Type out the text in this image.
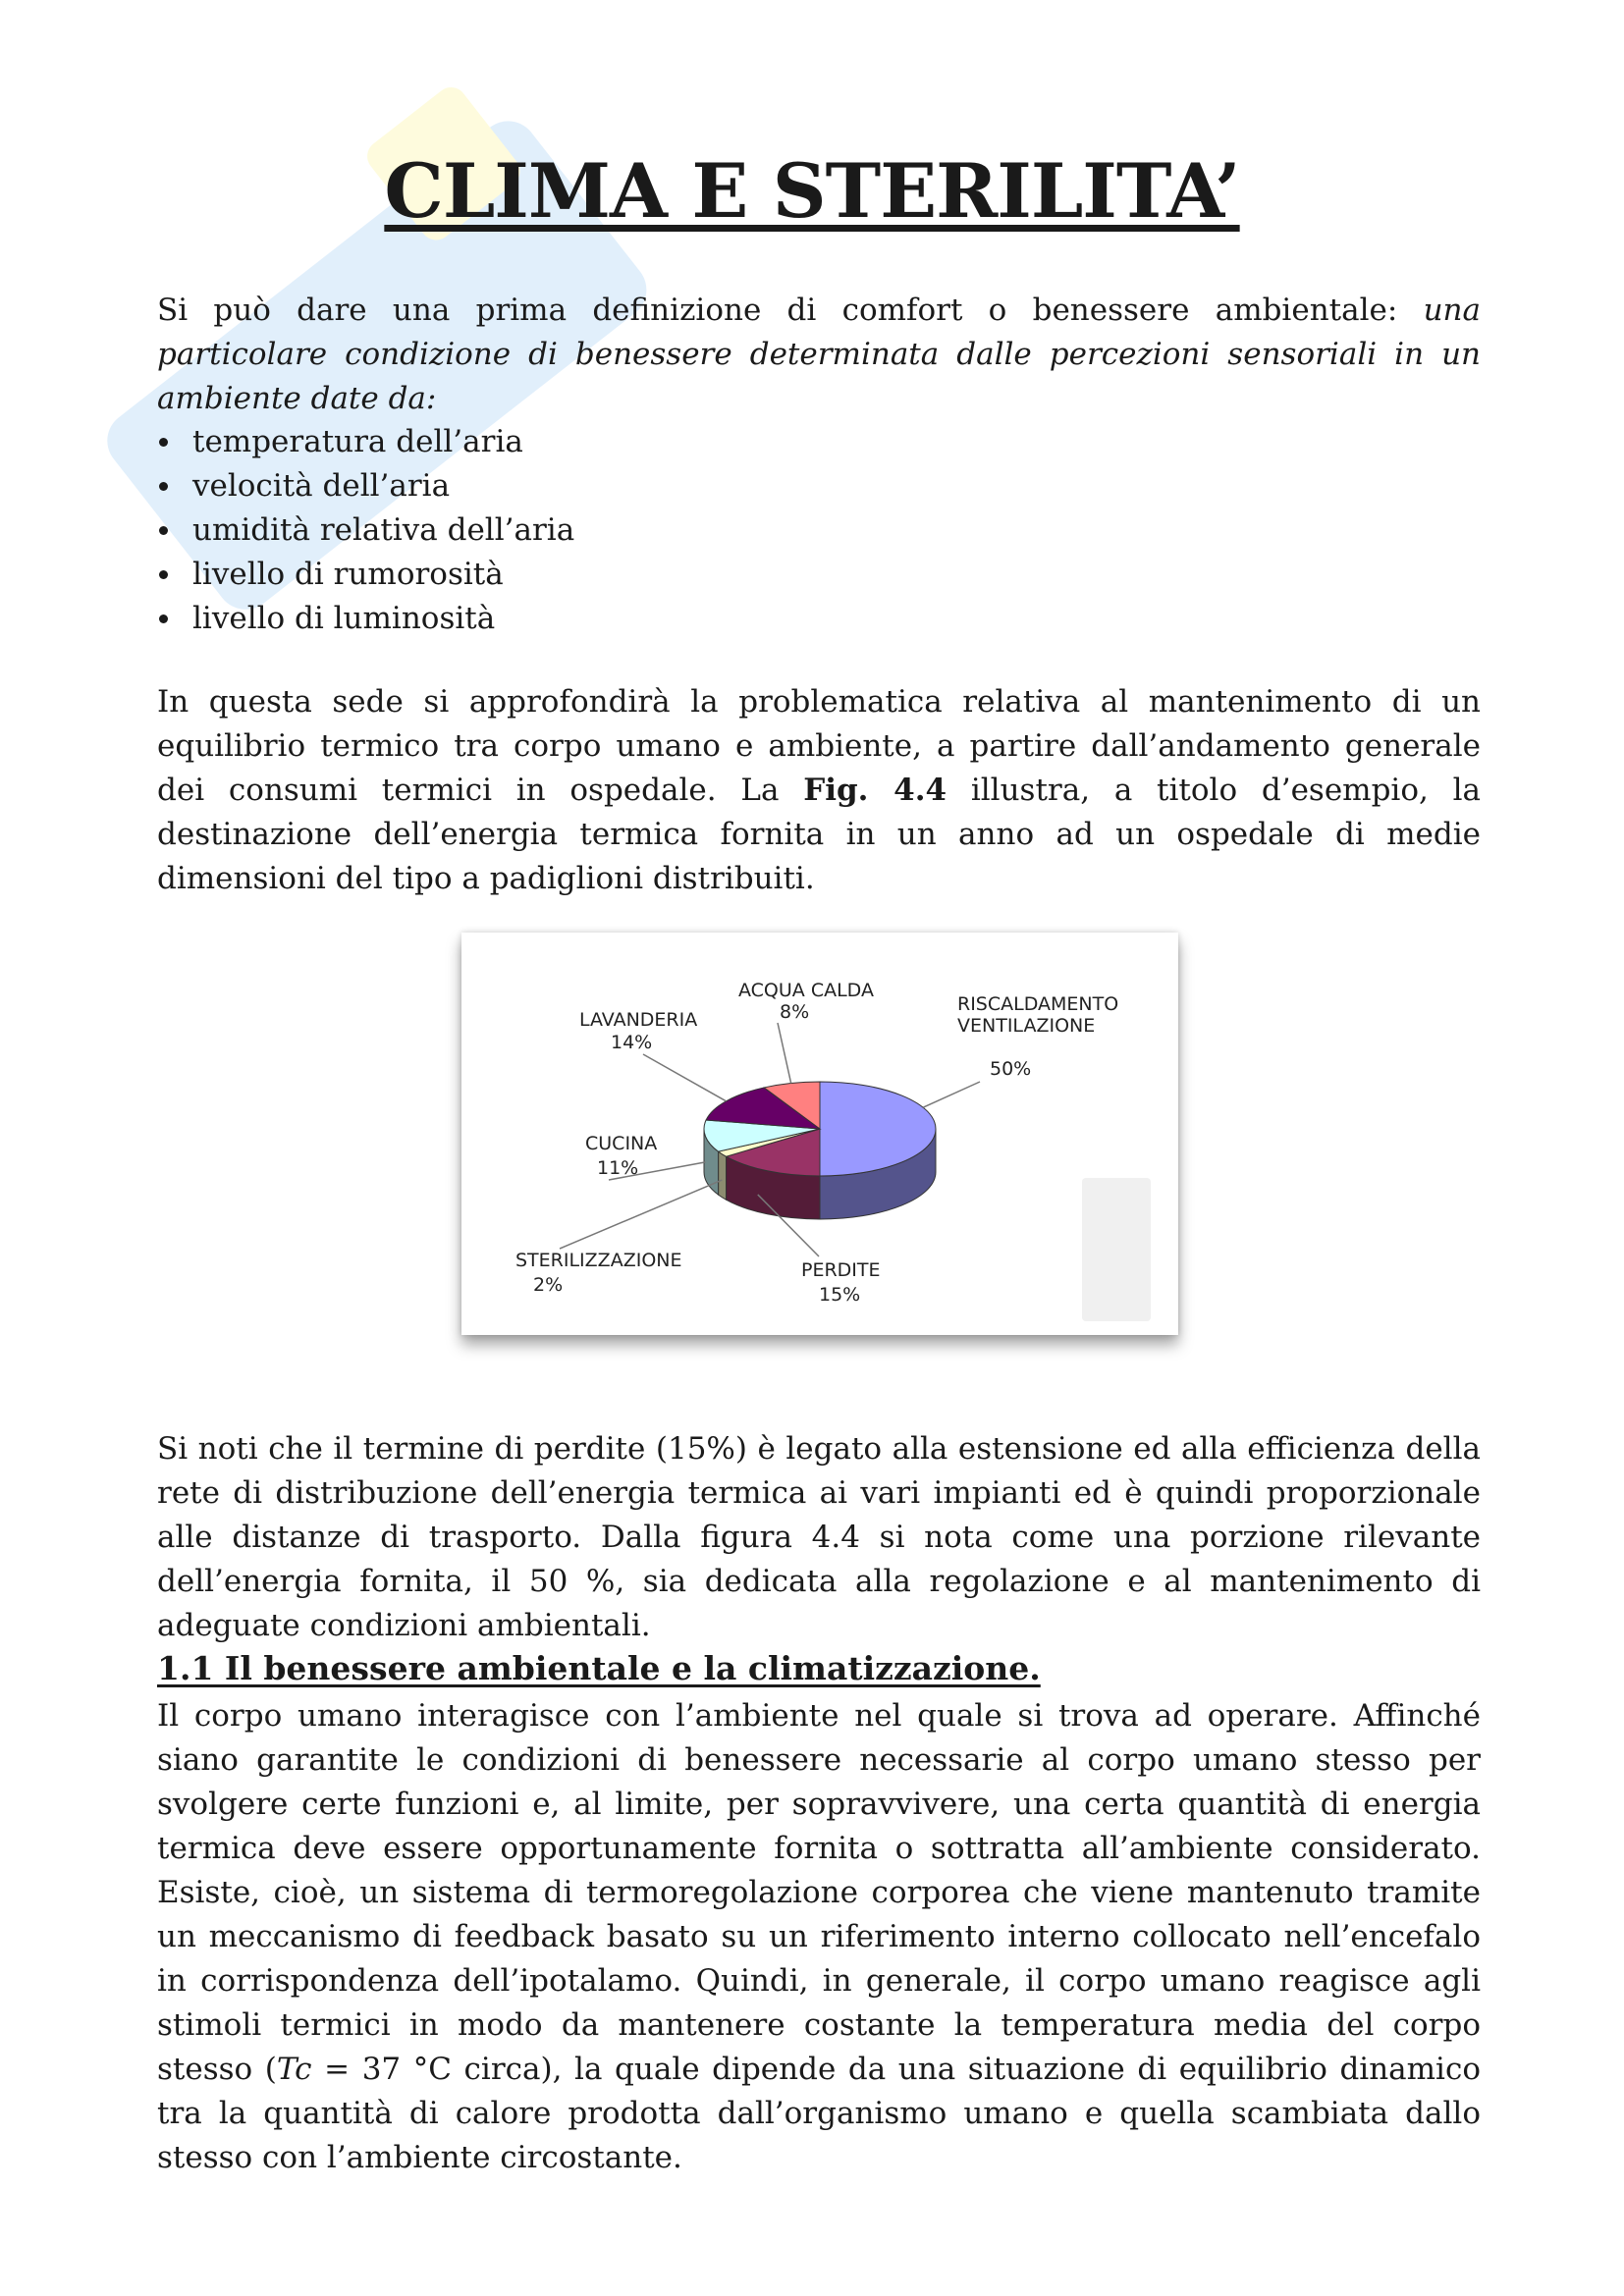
CLIMA E STERILITA’

Si può dare una prima definizione di comfort o benessere ambientale: una particolare condizione di benessere determinata dalle percezioni sensoriali in un ambiente date da:

temperatura dell’aria
velocità dell’aria
umidità relativa dell’aria
livello di rumorosità
livello di luminosità

In questa sede si approfondirà la problematica relativa al mantenimento di un equilibrio termico tra corpo umano e ambiente, a partire dall’andamento generale dei consumi termici in ospedale. La Fig. 4.4 illustra, a titolo d’esempio, la destinazione dell’energia termica fornita in un anno ad un ospedale di medie dimensioni del tipo a padiglioni distribuiti.

ACQUA CALDA
8%
LAVANDERIA
14%
RISCALDAMENTO
VENTILAZIONE
50%
CUCINA
11%
STERILIZZAZIONE
2%
PERDITE
15%

Si noti che il termine di perdite (15%) è legato alla estensione ed alla efficienza della rete di distribuzione dell’energia termica ai vari impianti ed è quindi proporzionale alle distanze di trasporto. Dalla figura 4.4 si nota come una porzione rilevante dell’energia fornita, il 50 %, sia dedicata alla regolazione e al mantenimento di adeguate condizioni ambientali.

1.1 Il benessere ambientale e la climatizzazione.

Il corpo umano interagisce con l’ambiente nel quale si trova ad operare. Affinché siano garantite le condizioni di benessere necessarie al corpo umano stesso per svolgere certe funzioni e, al limite, per sopravvivere, una certa quantità di energia termica deve essere opportunamente fornita o sottratta all’ambiente considerato. Esiste, cioè, un sistema di termoregolazione corporea che viene mantenuto tramite un meccanismo di feedback basato su un riferimento interno collocato nell’encefalo in corrispondenza dell’ipotalamo. Quindi, in generale, il corpo umano reagisce agli stimoli termici in modo da mantenere costante la temperatura media del corpo stesso (Tc = 37 °C circa), la quale dipende da una situazione di equilibrio dinamico tra la quantità di calore prodotta dall’organismo umano e quella scambiata dallo stesso con l’ambiente circostante.
